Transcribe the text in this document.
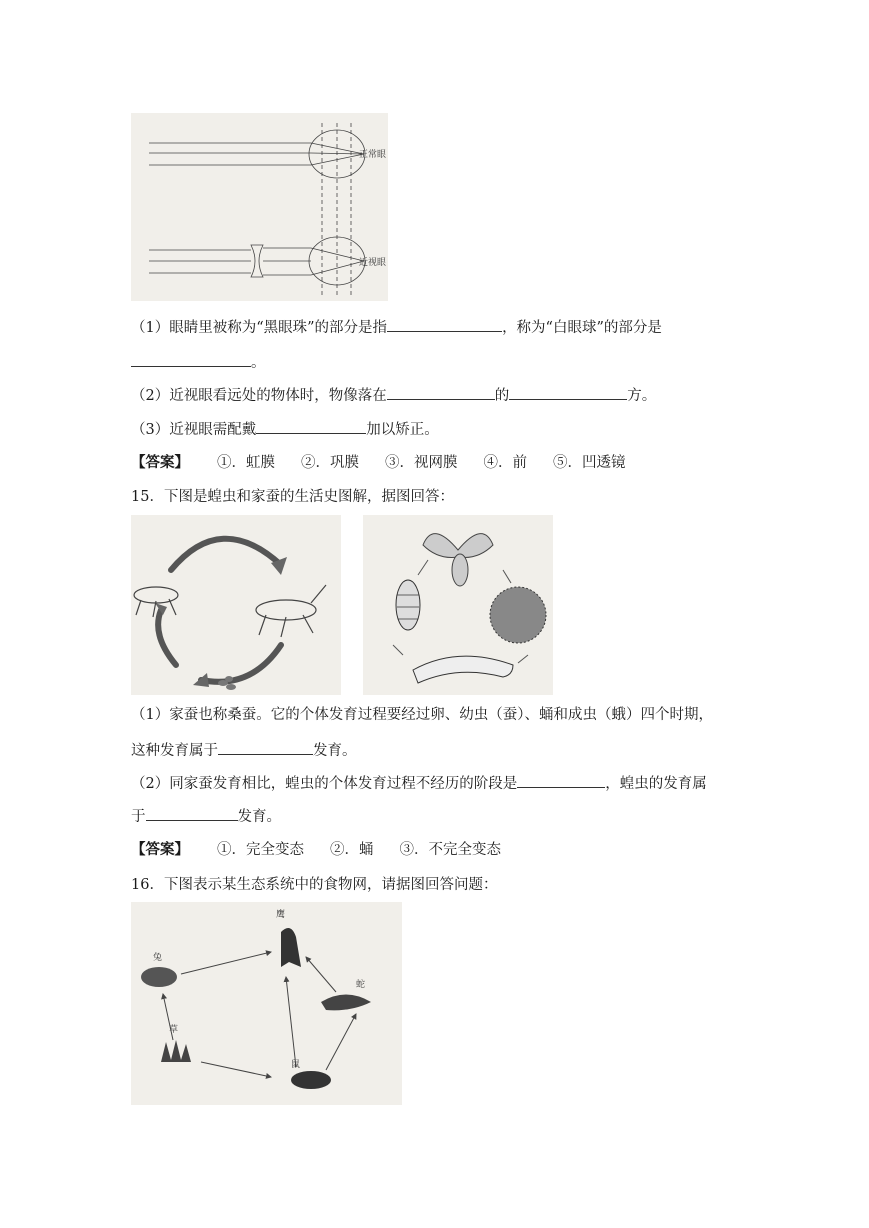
正常眼
近视眼
（1）眼睛里被称为“黑眼珠”的部分是指	，称为“白眼球”的部分是
。
（2）近视眼看远处的物体时，物像落在	的	方。
（3）近视眼需配戴	加以矫正。
【答案】 ①．虹膜 ②．巩膜 ③．视网膜 ④．前 ⑤．凹透镜
15．下图是蝗虫和家蚕的生活史图解，据图回答：
（1）家蚕也称桑蚕。它的个体发育过程要经过卵、幼虫（蚕）、蛹和成虫（蛾）四个时期，
这种发育属于	发育。
（2）同家蚕发育相比，蝗虫的个体发育过程不经历的阶段是	，蝗虫的发育属
于	发育。
【答案】 ①．完全变态 ②．蛹 ③．不完全变态
16．下图表示某生态系统中的食物网，请据图回答问题：
鹰
兔
蛇
草
鼠
